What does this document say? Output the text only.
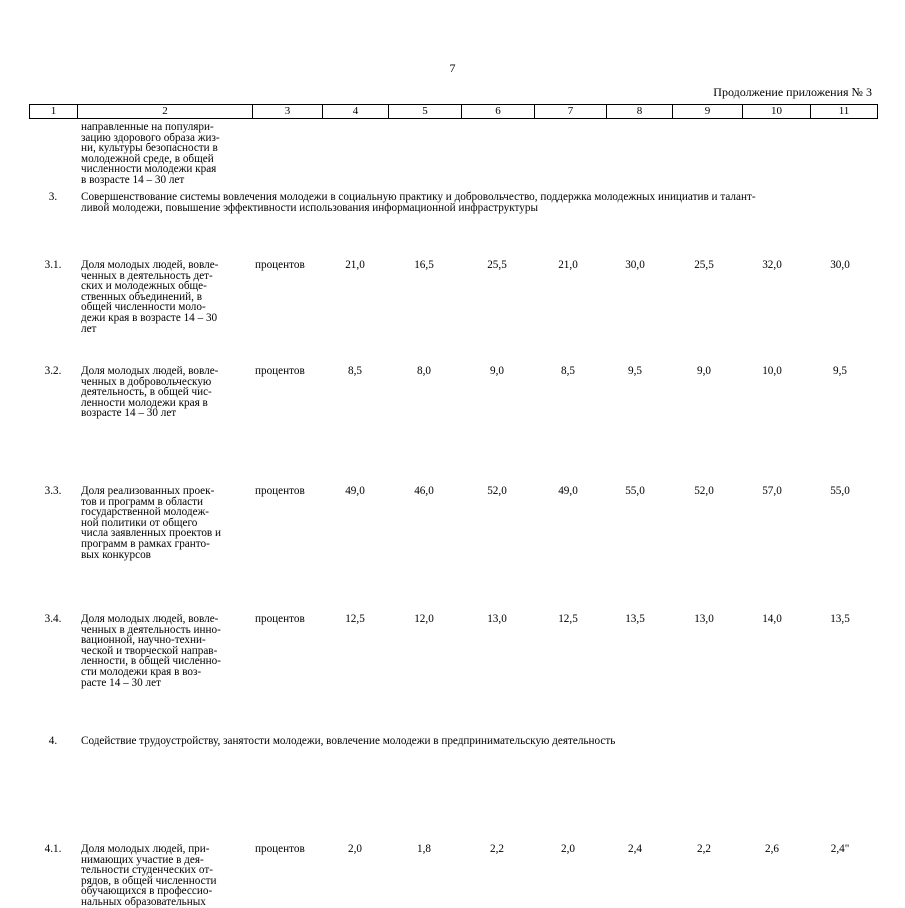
7
Продолжение приложения № 3
1	2	3	4	5	6	7	8	9	10	11
направленные на популяри-
зацию здорового образа жиз-
ни, культуры безопасности в
молодежной среде, в общей
численности молодежи края
в возрасте 14 – 30 лет
3.	Совершенствование системы вовлечения молодежи в социальную практику и добровольчество, поддержка молодежных инициатив и талант-
ливой молодежи, повышение эффективности использования информационной инфраструктуры
3.1.	Доля молодых людей, вовле-
ченных в деятельность дет-
ских и молодежных обще-
ственных объединений, в
общей численности моло-
дежи края в возрасте 14 – 30
лет
процентов	21,0	16,5	25,5	21,0	30,0	25,5	32,0	30,0
3.2.	Доля молодых людей, вовле-
ченных в добровольческую
деятельность, в общей чис-
ленности молодежи края в
возрасте 14 – 30 лет
процентов	8,5	8,0	9,0	8,5	9,5	9,0	10,0	9,5
3.3.	Доля реализованных проек-
тов и программ в области
государственной молодеж-
ной политики от общего
числа заявленных проектов и
программ в рамках гранто-
вых конкурсов
процентов	49,0	46,0	52,0	49,0	55,0	52,0	57,0	55,0
3.4.	Доля молодых людей, вовле-
ченных в деятельность инно-
вационной, научно-техни-
ческой и творческой направ-
ленности, в общей численно-
сти молодежи края в воз-
расте 14 – 30 лет
процентов	12,5	12,0	13,0	12,5	13,5	13,0	14,0	13,5
4.	Содействие трудоустройству, занятости молодежи, вовлечение молодежи в предпринимательскую деятельность
4.1.	Доля молодых людей, при-
нимающих участие в дея-
тельности студенческих от-
рядов, в общей численности
обучающихся в профессио-
нальных образовательных
процентов	2,0	1,8	2,2	2,0	2,4	2,2	2,6	2,4"
